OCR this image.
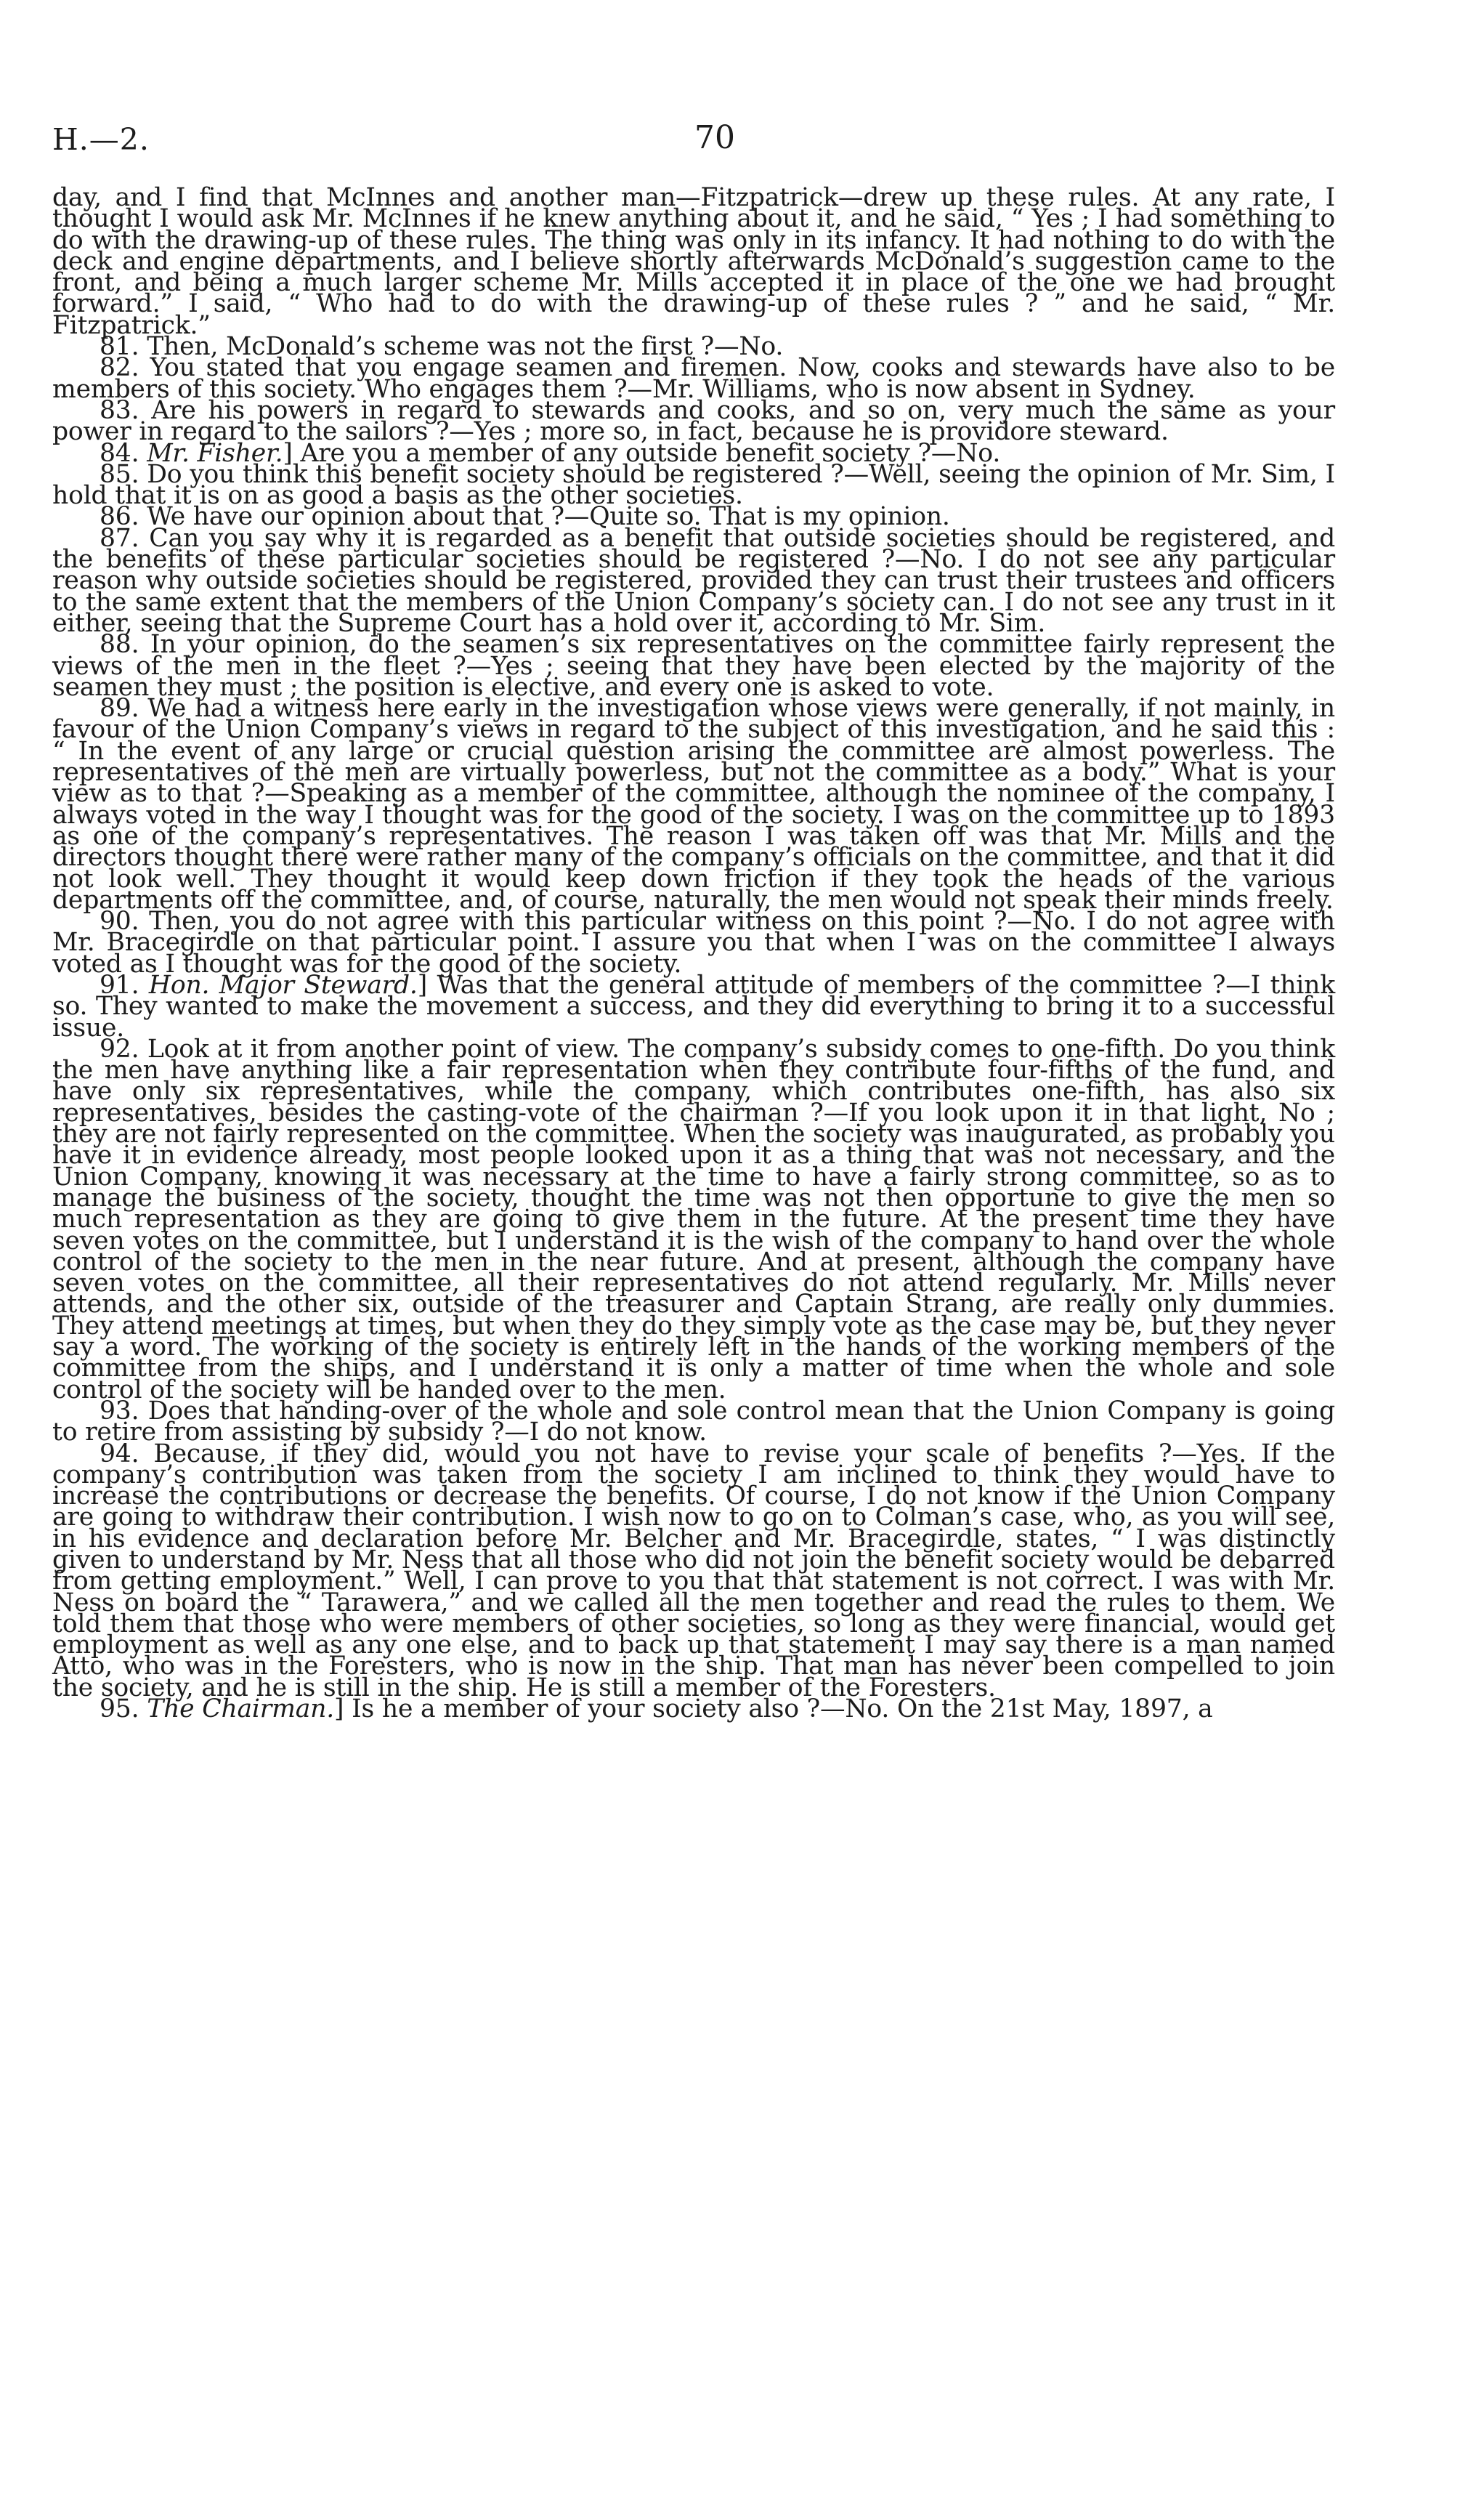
H.—2.	70

day, and I find that McInnes and another man—Fitzpatrick—drew up these rules. At any rate, I thought I would ask Mr. McInnes if he knew anything about it, and he said, “ Yes ; I had something to do with the drawing-up of these rules. The thing was only in its infancy. It had nothing to do with the deck and engine departments, and I believe shortly afterwards McDonald’s suggestion came to the front, and being a much larger scheme Mr. Mills accepted it in place of the one we had brought forward.” I said, “ Who had to do with the drawing-up of these rules ? ” and he said, “ Mr. Fitzpatrick.”

81. Then, McDonald’s scheme was not the first ?—No.

82. You stated that you engage seamen and firemen. Now, cooks and stewards have also to be members of this society. Who engages them ?—Mr. Williams, who is now absent in Sydney.

83. Are his powers in regard to stewards and cooks, and so on, very much the same as your power in regard to the sailors ?—Yes ; more so, in fact, because he is providore steward.

84. Mr. Fisher.] Are you a member of any outside benefit society ?—No.

85. Do you think this benefit society should be registered ?—Well, seeing the opinion of Mr. Sim, I hold that it is on as good a basis as the other societies.

86. We have our opinion about that ?—Quite so. That is my opinion.

87. Can you say why it is regarded as a benefit that outside societies should be registered, and the benefits of these particular societies should be registered ?—No. I do not see any particular reason why outside societies should be registered, provided they can trust their trustees and officers to the same extent that the members of the Union Company’s society can. I do not see any trust in it either, seeing that the Supreme Court has a hold over it, according to Mr. Sim.

88. In your opinion, do the seamen’s six representatives on the committee fairly represent the views of the men in the fleet ?—Yes ; seeing that they have been elected by the majority of the seamen they must ; the position is elective, and every one is asked to vote.

89. We had a witness here early in the investigation whose views were generally, if not mainly, in favour of the Union Company’s views in regard to the subject of this investigation, and he said this : “ In the event of any large or crucial question arising the committee are almost powerless. The representatives of the men are virtually powerless, but not the committee as a body.” What is your view as to that ?—Speaking as a member of the committee, although the nominee of the company, I always voted in the way I thought was for the good of the society. I was on the committee up to 1893 as one of the company’s representatives. The reason I was taken off was that Mr. Mills and the directors thought there were rather many of the company’s officials on the committee, and that it did not look well. They thought it would keep down friction if they took the heads of the various departments off the committee, and, of course, naturally, the men would not speak their minds freely.

90. Then, you do not agree with this particular witness on this point ?—No. I do not agree with Mr. Bracegirdle on that particular point. I assure you that when I was on the committee I always voted as I thought was for the good of the society.

91. Hon. Major Steward.] Was that the general attitude of members of the committee ?—I think so. They wanted to make the movement a success, and they did everything to bring it to a successful issue.

92. Look at it from another point of view. The company’s subsidy comes to one-fifth. Do you think the men have anything like a fair representation when they contribute four-fifths of the fund, and have only six representatives, while the company, which contributes one-fifth, has also six representatives, besides the casting-vote of the chairman ?—If you look upon it in that light, No ; they are not fairly represented on the committee. When the society was inaugurated, as probably you have it in evidence already, most people looked upon it as a thing that was not necessary, and the Union Company, knowing it was necessary at the time to have a fairly strong committee, so as to manage the business of the society, thought the time was not then opportune to give the men so much representation as they are going to give them in the future. At the present time they have seven votes on the committee, but I understand it is the wish of the company to hand over the whole control of the society to the men in the near future. And at present, although the company have seven votes on the committee, all their representatives do not attend regularly. Mr. Mills never attends, and the other six, outside of the treasurer and Captain Strang, are really only dummies. They attend meetings at times, but when they do they simply vote as the case may be, but they never say a word. The working of the society is entirely left in the hands of the working members of the committee from the ships, and I understand it is only a matter of time when the whole and sole control of the society will be handed over to the men.

93. Does that handing-over of the whole and sole control mean that the Union Company is going to retire from assisting by subsidy ?—I do not know.

94. Because, if they did, would you not have to revise your scale of benefits ?—Yes. If the company’s contribution was taken from the society I am inclined to think they would have to increase the contributions or decrease the benefits. Of course, I do not know if the Union Company are going to withdraw their contribution. I wish now to go on to Colman’s case, who, as you will see, in his evidence and declaration before Mr. Belcher and Mr. Bracegirdle, states, “ I was distinctly given to understand by Mr. Ness that all those who did not join the benefit society would be debarred from getting employment.” Well, I can prove to you that that statement is not correct. I was with Mr. Ness on board the “ Tarawera,” and we called all the men together and read the rules to them. We told them that those who were members of other societies, so long as they were financial, would get employment as well as any one else, and to back up that statement I may say there is a man named Atto, who was in the Foresters, who is now in the ship. That man has never been compelled to join the society, and he is still in the ship. He is still a member of the Foresters.

95. The Chairman.] Is he a member of your society also ?—No. On the 21st May, 1897, a
